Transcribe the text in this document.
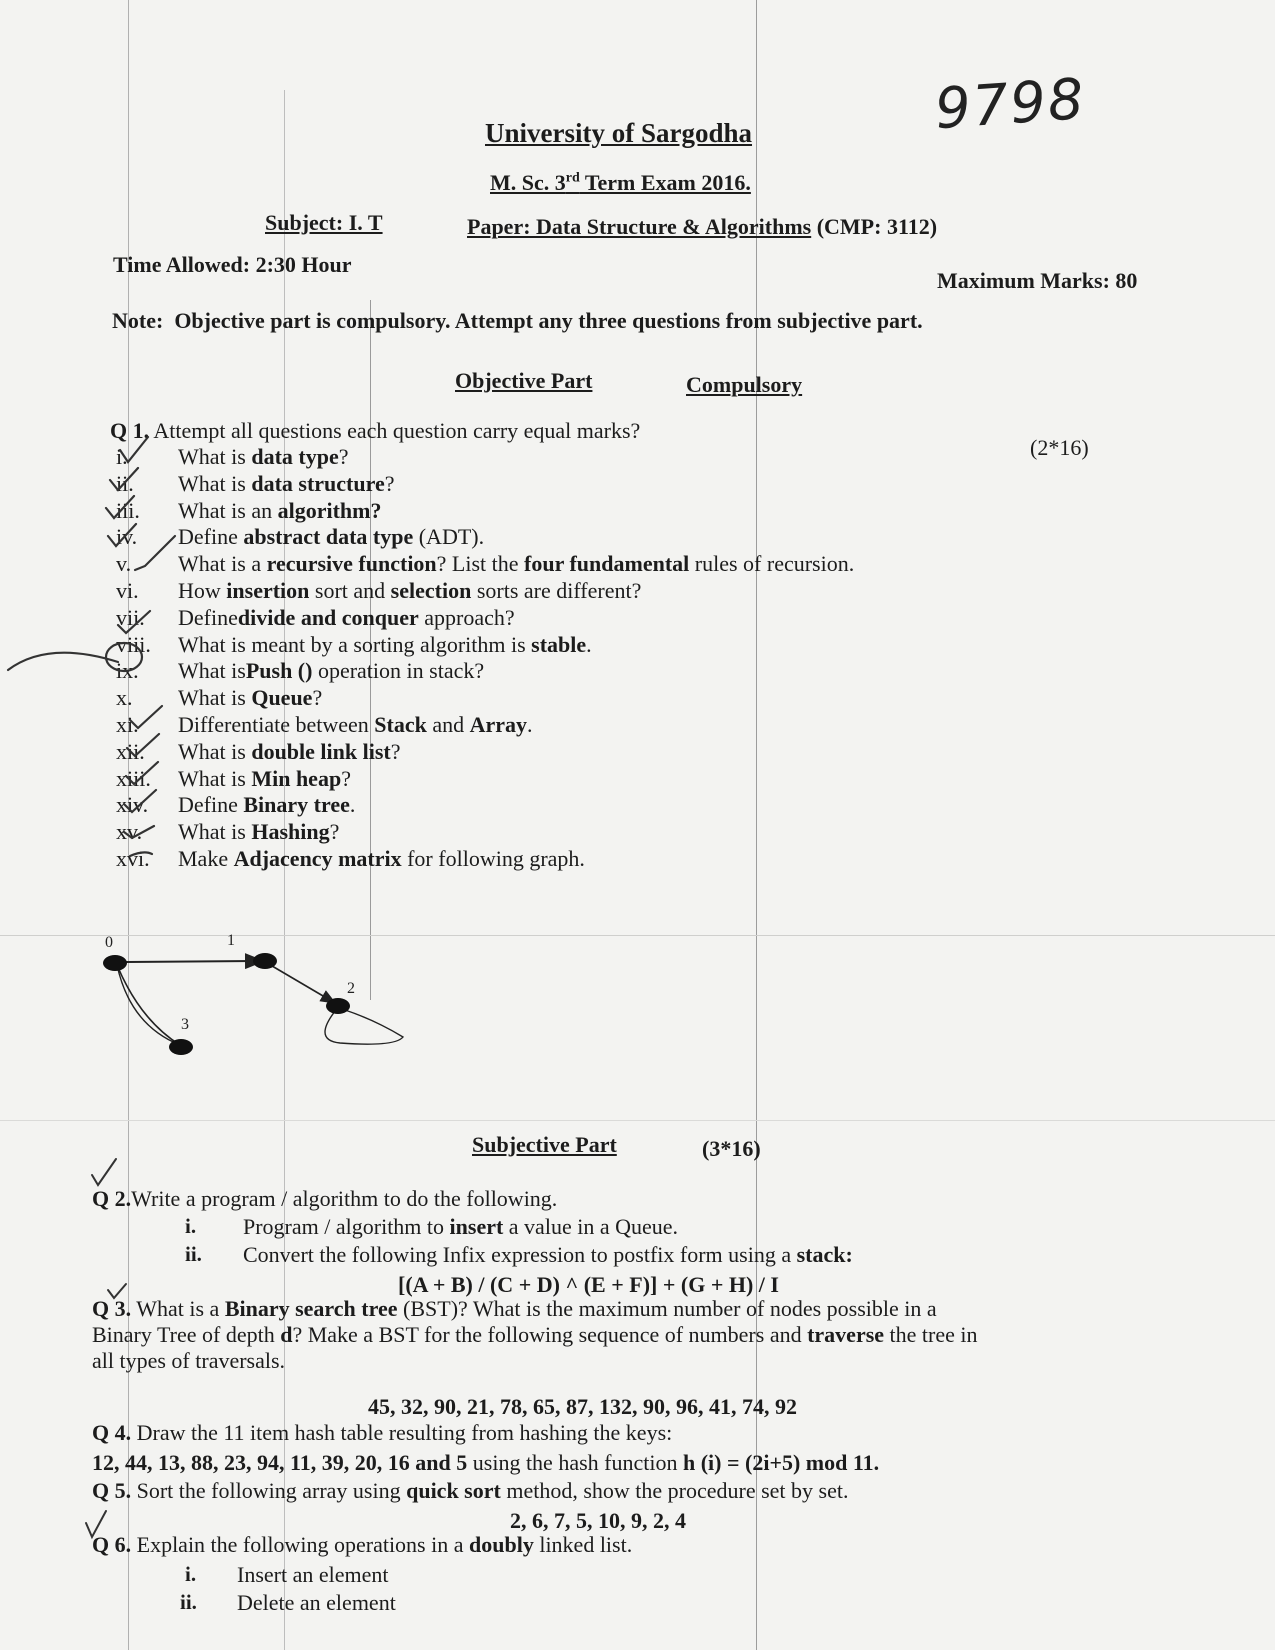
9798
University of Sargodha
M. Sc. 3rd Term Exam 2016.
Subject: I. T	Paper: Data Structure & Algorithms (CMP: 3112)
Time Allowed: 2:30 Hour
Maximum Marks: 80
Note: Objective part is compulsory. Attempt any three questions from subjective part.
Objective Part	Compulsory
Q 1. Attempt all questions each question carry equal marks?
(2*16)
i.	What is data type?
ii.	What is data structure?
iii.	What is an algorithm?
iv.	Define abstract data type (ADT).
v.	What is a recursive function? List the four fundamental rules of recursion.
vi.	How insertion sort and selection sorts are different?
vii.	Definedivide and conquer approach?
viii.	What is meant by a sorting algorithm is stable.
ix.	What isPush () operation in stack?
x.	What is Queue?
xi.	Differentiate between Stack and Array.
xii.	What is double link list?
xiii.	What is Min heap?
xiv.	Define Binary tree.
xv.	What is Hashing?
xvi.	Make Adjacency matrix for following graph.
0	1
2
3
Subjective Part	(3*16)
Q 2.Write a program / algorithm to do the following.
i. Program / algorithm to insert a value in a Queue.
ii. Convert the following Infix expression to postfix form using a stack:
[(A + B) / (C + D) ^ (E + F)] + (G + H) / I
Q 3. What is a Binary search tree (BST)? What is the maximum number of nodes possible in a
Binary Tree of depth d? Make a BST for the following sequence of numbers and traverse the tree in
all types of traversals.
45, 32, 90, 21, 78, 65, 87, 132, 90, 96, 41, 74, 92
Q 4. Draw the 11 item hash table resulting from hashing the keys:
12, 44, 13, 88, 23, 94, 11, 39, 20, 16 and 5 using the hash function h (i) = (2i+5) mod 11.
Q 5. Sort the following array using quick sort method, show the procedure set by set.
2, 6, 7, 5, 10, 9, 2, 4
Q 6. Explain the following operations in a doubly linked list.
i. Insert an element
ii. Delete an element
